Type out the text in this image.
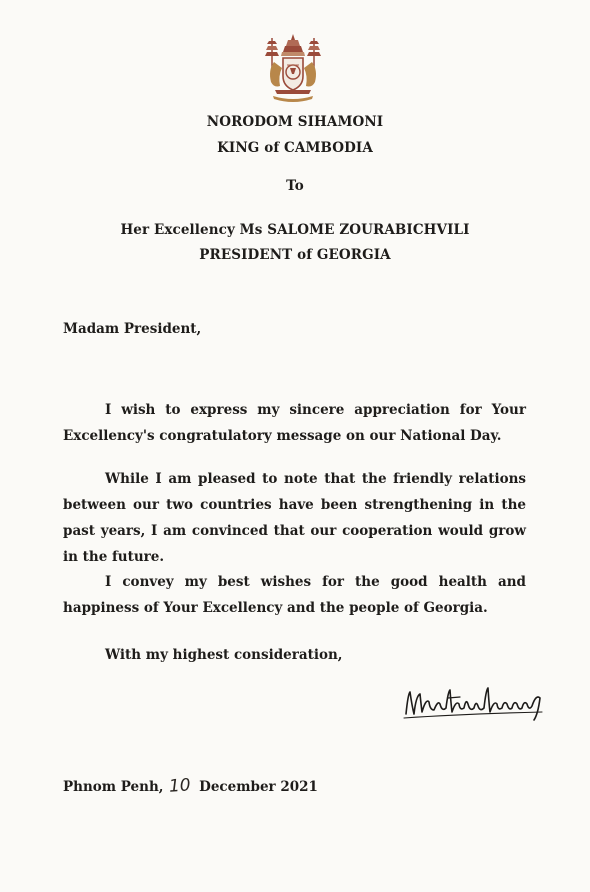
NORODOM SIHAMONI
KING of CAMBODIA
To
Her Excellency Ms SALOME ZOURABICHVILI
PRESIDENT of GEORGIA
Madam President,
I wish to express my sincere appreciation for Your Excellency's congratulatory message on our National Day.
While I am pleased to note that the friendly relations between our two countries have been strengthening in the past years, I am convinced that our cooperation would grow in the future.
I convey my best wishes for the good health and happiness of Your Excellency and the people of Georgia.
With my highest consideration,
Phnom Penh, 10 December 2021
